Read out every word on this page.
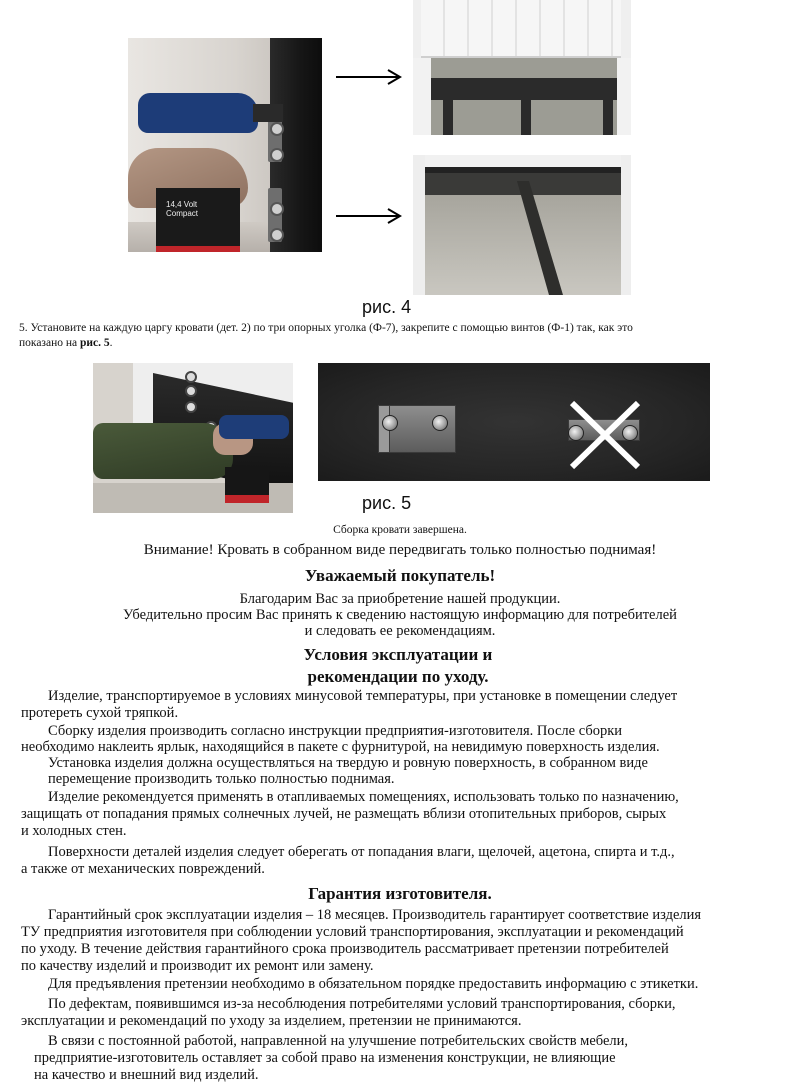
14,4 Volt
Compact
рис. 4
5. Установите на каждую царгу кровати (дет. 2) по три опорных уголка (Ф-7), закрепите с помощью винтов (Ф-1) так, как это
показано на рис. 5.
рис. 5
Сборка кровати завершена.
Внимание! Кровать в собранном виде передвигать только полностью поднимая!
Уважаемый покупатель!
Благодарим Вас за приобретение нашей продукции.
Убедительно просим Вас принять к сведению настоящую информацию для потребителей
и следовать ее рекомендациям.
Условия эксплуатации и
рекомендации по уходу.
Изделие, транспортируемое в условиях минусовой температуры, при установке в помещении следует
протереть сухой тряпкой.
Сборку изделия производить согласно инструкции предприятия-изготовителя. После сборки
необходимо наклеить ярлык, находящийся в пакете с фурнитурой, на невидимую поверхность изделия.
Установка изделия должна осуществляться на твердую и ровную поверхность, в собранном виде
перемещение производить только полностью поднимая.
Изделие рекомендуется применять в отапливаемых помещениях, использовать только по назначению,
защищать от попадания прямых солнечных лучей, не размещать вблизи отопительных приборов, сырых
и холодных стен.
Поверхности деталей изделия следует оберегать от попадания влаги, щелочей, ацетона, спирта и т.д.,
а также от механических повреждений.
Гарантия изготовителя.
Гарантийный срок эксплуатации изделия – 18 месяцев. Производитель гарантирует соответствие изделия
ТУ предприятия изготовителя при соблюдении условий транспортирования, эксплуатации и рекомендаций
по уходу. В течение действия гарантийного срока производитель рассматривает претензии потребителей
по качеству изделий и производит их ремонт или замену.
Для предъявления претензии необходимо в обязательном порядке предоставить информацию с этикетки.
По дефектам, появившимся из-за несоблюдения потребителями условий транспортирования, сборки,
эксплуатации и рекомендаций по уходу за изделием, претензии не принимаются.
В связи с постоянной работой, направленной на улучшение потребительских свойств мебели,
предприятие-изготовитель оставляет за собой право на изменения конструкции, не влияющие
на качество и внешний вид изделий.
